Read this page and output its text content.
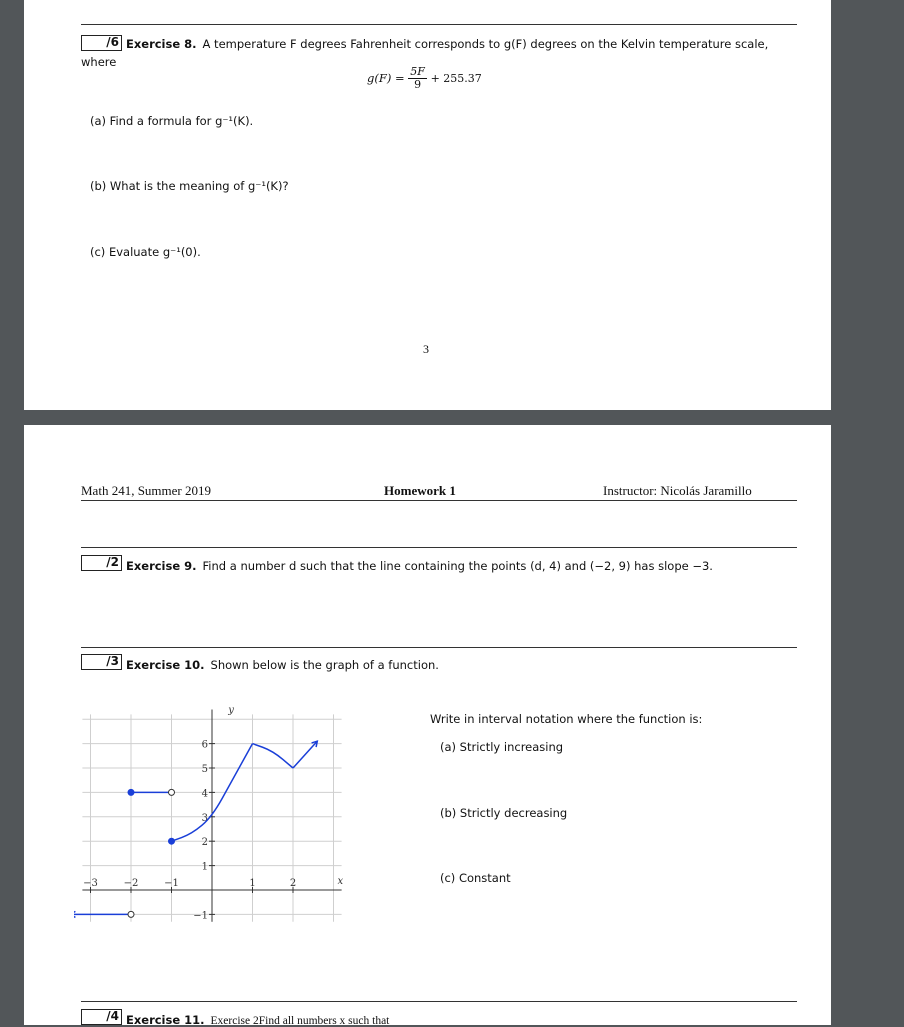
/6 Exercise 8. A temperature F degrees Fahrenheit corresponds to g(F) degrees on the Kelvin temperature scale,
where
$g(F) = \frac{5F}{9} + 255.37$
(a) Find a formula for g⁻¹(K).
(b) What is the meaning of g⁻¹(K)?
(c) Evaluate g⁻¹(0).
3
Math 241, Summer 2019	Homework 1	Instructor: Nicolás Jaramillo
/2 Exercise 9. Find a number d such that the line containing the points (d, 4) and (−2, 9) has slope −3.
/3 Exercise 10. Shown below is the graph of a function.
x
y
−3	−2	−1	1	2
−1
1
2
3
4
5
6
Write in interval notation where the function is:
(a) Strictly increasing
(b) Strictly decreasing
(c) Constant
/4 Exercise 11. Exercise 2Find all numbers x such that
